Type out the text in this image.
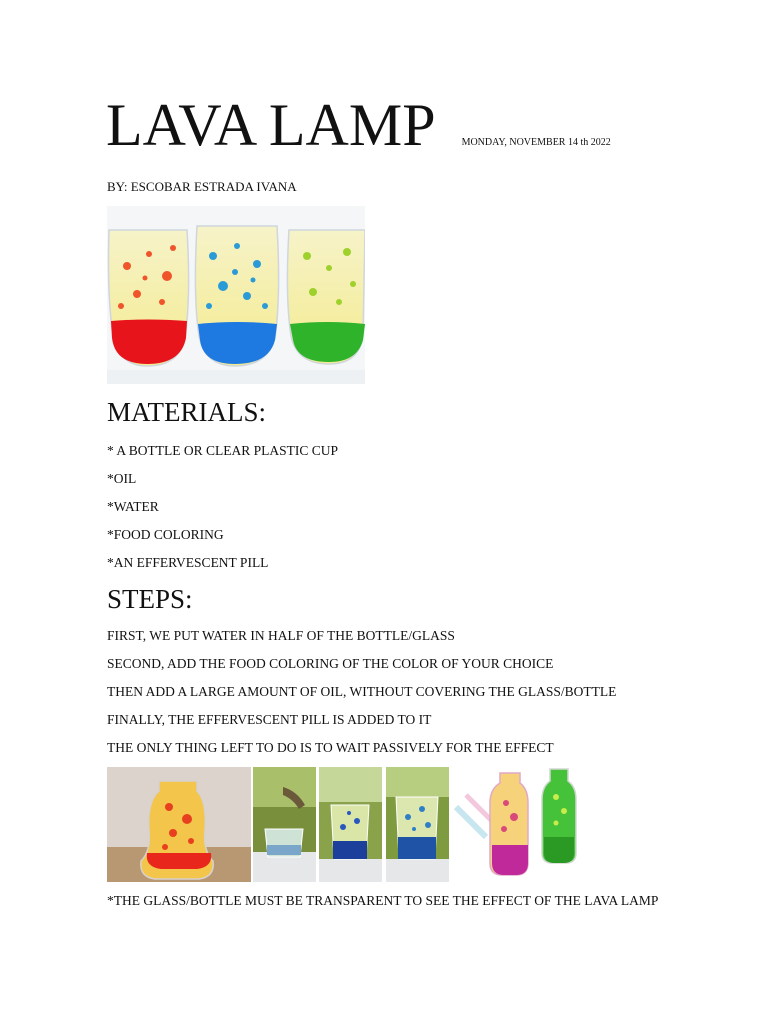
LAVA LAMP	MONDAY, NOVEMBER 14 th 2022
BY: ESCOBAR ESTRADA IVANA
MATERIALS:
* A BOTTLE OR CLEAR PLASTIC CUP
*OIL
*WATER
*FOOD COLORING
*AN EFFERVESCENT PILL
STEPS:
FIRST, WE PUT WATER IN HALF OF THE BOTTLE/GLASS
SECOND, ADD THE FOOD COLORING OF THE COLOR OF YOUR CHOICE
THEN ADD A LARGE AMOUNT OF OIL, WITHOUT COVERING THE GLASS/BOTTLE
FINALLY, THE EFFERVESCENT PILL IS ADDED TO IT
THE ONLY THING LEFT TO DO IS TO WAIT PASSIVELY FOR THE EFFECT
*THE GLASS/BOTTLE MUST BE TRANSPARENT TO SEE THE EFFECT OF THE LAVA LAMP
